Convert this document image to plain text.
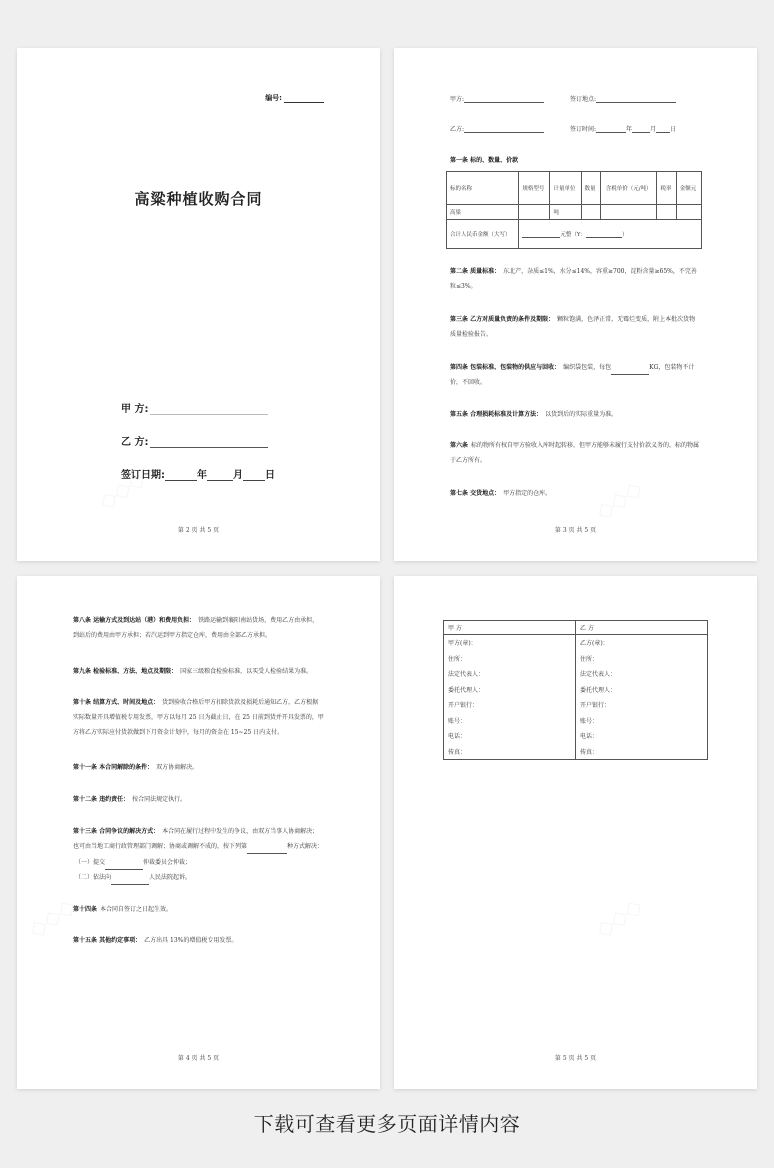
编号:
高粱种植收购合同
甲 方:
乙 方:
签订日期:	年	月 日
第 2 页 共 5 页
甲方:	签订地点:
乙方:	签订时间:	年	月 日
第一条 标的、数量、价款
标的名称	规格型号	计量单位	数量	含税单价（元/吨）	税率	金额元
高粱		吨				
合计人民币金额（大写）	元整（Y： ）					
第二条 质量标准： 东北产，杂质≤1%，水分≤14%，容重≥700，淀粉含量≥65%，不完善粒≤3%。
第三条 乙方对质量负责的条件及期限： 颗粒饱满，色泽正常，无霉烂变质，附上本批次货物质量检验报告。
第四条 包装标准、包装物的供应与回收： 编织袋包装，每包	KG，包装物不计价，不回收。
第五条 合理损耗标准及计算方法： 以货到后的实际重量为准。
第六条 标的物所有权自甲方验收入库时起转移，但甲方能够未履行支付价款义务的，标的物属于乙方所有。
第七条 交货地点： 甲方指定的仓库。
第 3 页 共 5 页
第八条 运输方式及到达站（港）和费用负担： 铁路运输到襄阳南站货场，费用乙方由承担，到站后的费用由甲方承担；若汽运到甲方指定仓库，费用由全部乙方承担。
第九条 检验标准、方法、地点及期限： 国家三级粮食检验标准，以买受人检验结果为准。
第十条 结算方式、时间及地点： 货到验收合格后甲方扣除货款及损耗后通知乙方，乙方根据实际数量开具增值税专用发票，甲方以每月 25 日为截止日，在 25 日前到货并开具发票的，甲方将乙方实际应付货款做到下月资金计划中，每月的资金在 15~25 日内支付。
第十一条 本合同解除的条件： 双方协商解决。
第十二条 违约责任： 按合同法规定执行。
第十三条 合同争议的解决方式： 本合同在履行过程中发生的争议，由双方当事人协商解决；也可由当地工商行政管理部门调解；协商或调解不成的，按下列第	种方式解决：
（一）提交	仲裁委员会仲裁；
（二）依法向	人民法院起诉。
第十四条 本合同自签订之日起生效。
第十五条 其他约定事项： 乙方出具 13%的增值税专用发票。
第 4 页 共 5 页
甲 方	乙 方
甲方(章)：	乙方(章)：
住所：	住所：
法定代表人：	法定代表人：
委托代理人：	委托代理人：
开户银行：	开户银行：
账号：	账号：
电话：	电话：
传真：	传真：
第 5 页 共 5 页
下载可查看更多页面详情内容
